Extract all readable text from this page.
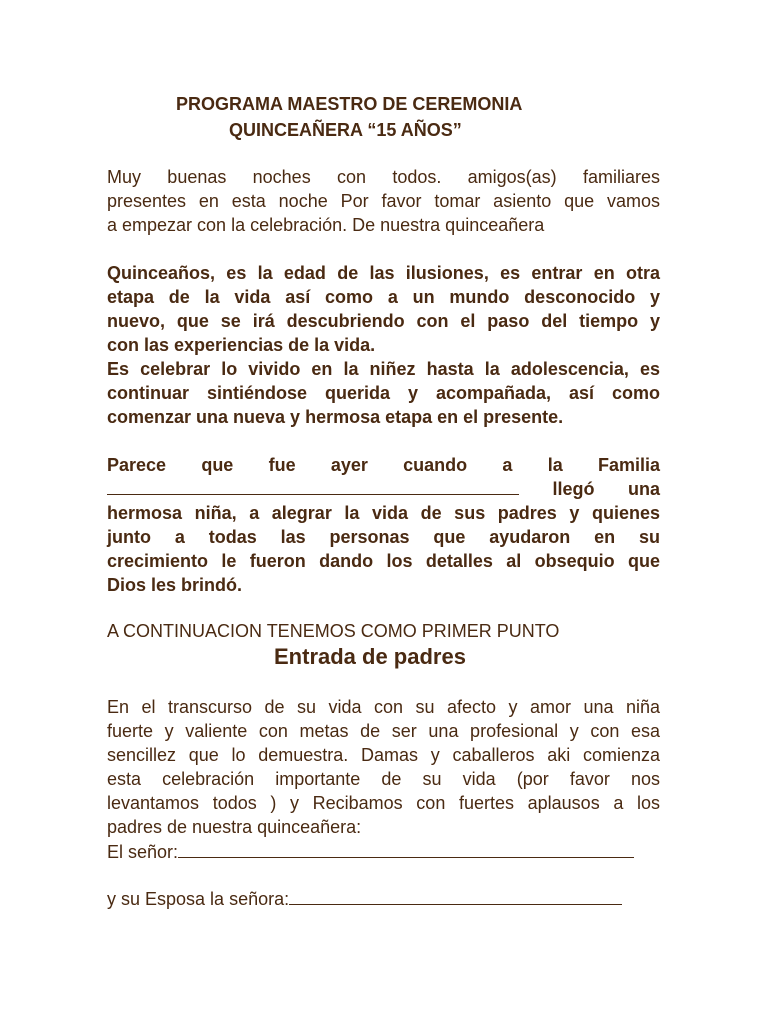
PROGRAMA MAESTRO DE CEREMONIA
QUINCEAÑERA “15 AÑOS”
Muy buenas noches con todos. amigos(as) familiares
presentes en esta noche Por favor tomar asiento que vamos
a empezar con la celebración. De nuestra quinceañera
Quinceaños, es la edad de las ilusiones, es entrar en otra
etapa de la vida así como a un mundo desconocido y
nuevo, que se irá descubriendo con el paso del tiempo y
con las experiencias de la vida.
Es celebrar lo vivido en la niñez hasta la adolescencia, es
continuar sintiéndose querida y acompañada, así como
comenzar una nueva y hermosa etapa en el presente.
Parece que fue ayer cuando a la Familia
llegó una
hermosa niña, a alegrar la vida de sus padres y quienes
junto a todas las personas que ayudaron en su
crecimiento le fueron dando los detalles al obsequio que
Dios les brindó.
A CONTINUACION TENEMOS COMO PRIMER PUNTO
Entrada de padres
En el transcurso de su vida con su afecto y amor una niña
fuerte y valiente con metas de ser una profesional y con esa
sencillez que lo demuestra. Damas y caballeros aki comienza
esta celebración importante de su vida (por favor nos
levantamos todos ) y Recibamos con fuertes aplausos a los
padres de nuestra quinceañera:
El señor:
y su Esposa la señora:
